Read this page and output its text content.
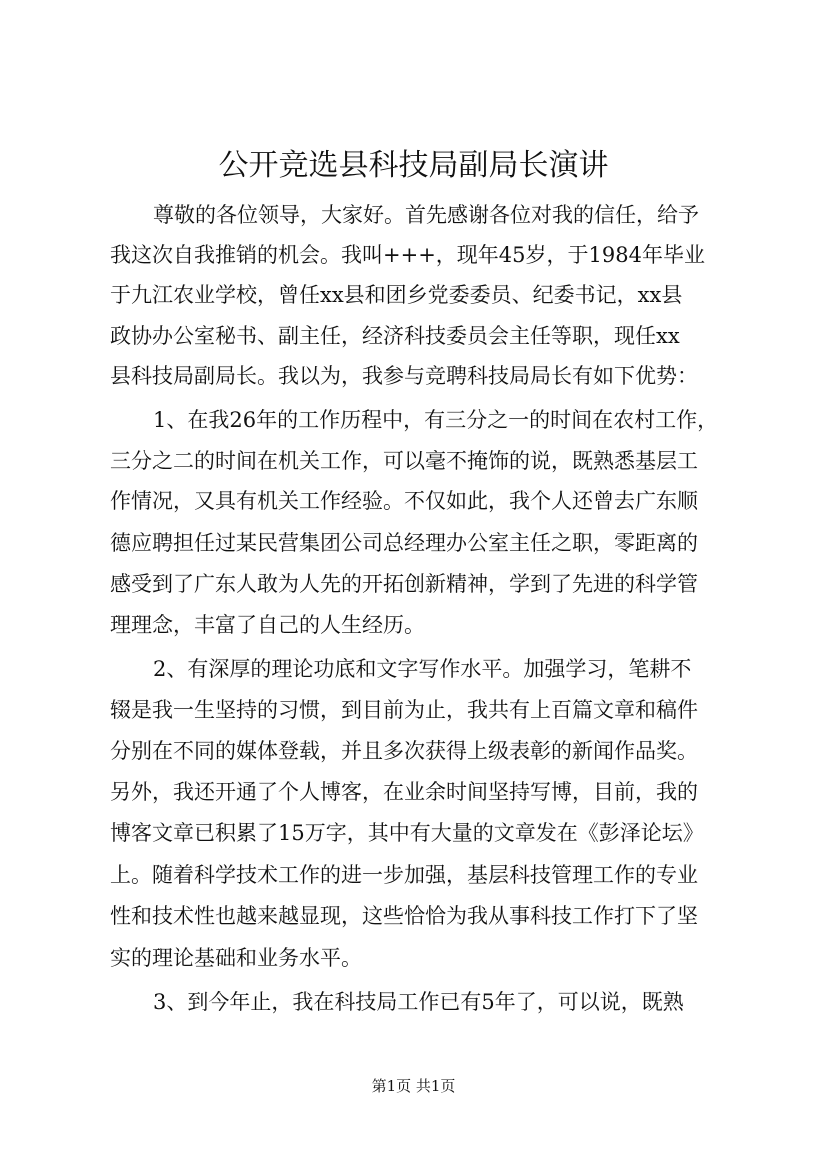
公开竞选县科技局副局长演讲

尊敬的各位领导，大家好。首先感谢各位对我的信任，给予

我这次自我推销的机会。我叫+++，现年45岁，于1984年毕业

于九江农业学校，曾任xx县和团乡党委委员、纪委书记，xx县

政协办公室秘书、副主任，经济科技委员会主任等职，现任xx

县科技局副局长。我以为，我参与竞聘科技局局长有如下优势：

1、在我26年的工作历程中，有三分之一的时间在农村工作，

三分之二的时间在机关工作，可以毫不掩饰的说，既熟悉基层工

作情况，又具有机关工作经验。不仅如此，我个人还曾去广东顺

德应聘担任过某民营集团公司总经理办公室主任之职，零距离的

感受到了广东人敢为人先的开拓创新精神，学到了先进的科学管

理理念，丰富了自己的人生经历。

2、有深厚的理论功底和文字写作水平。加强学习，笔耕不

辍是我一生坚持的习惯，到目前为止，我共有上百篇文章和稿件

分别在不同的媒体登载，并且多次获得上级表彰的新闻作品奖。

另外，我还开通了个人博客，在业余时间坚持写博，目前，我的

博客文章已积累了15万字，其中有大量的文章发在《彭泽论坛》

上。随着科学技术工作的进一步加强，基层科技管理工作的专业

性和技术性也越来越显现，这些恰恰为我从事科技工作打下了坚

实的理论基础和业务水平。

3、到今年止，我在科技局工作已有5年了，可以说，既熟

第1页 共1页
